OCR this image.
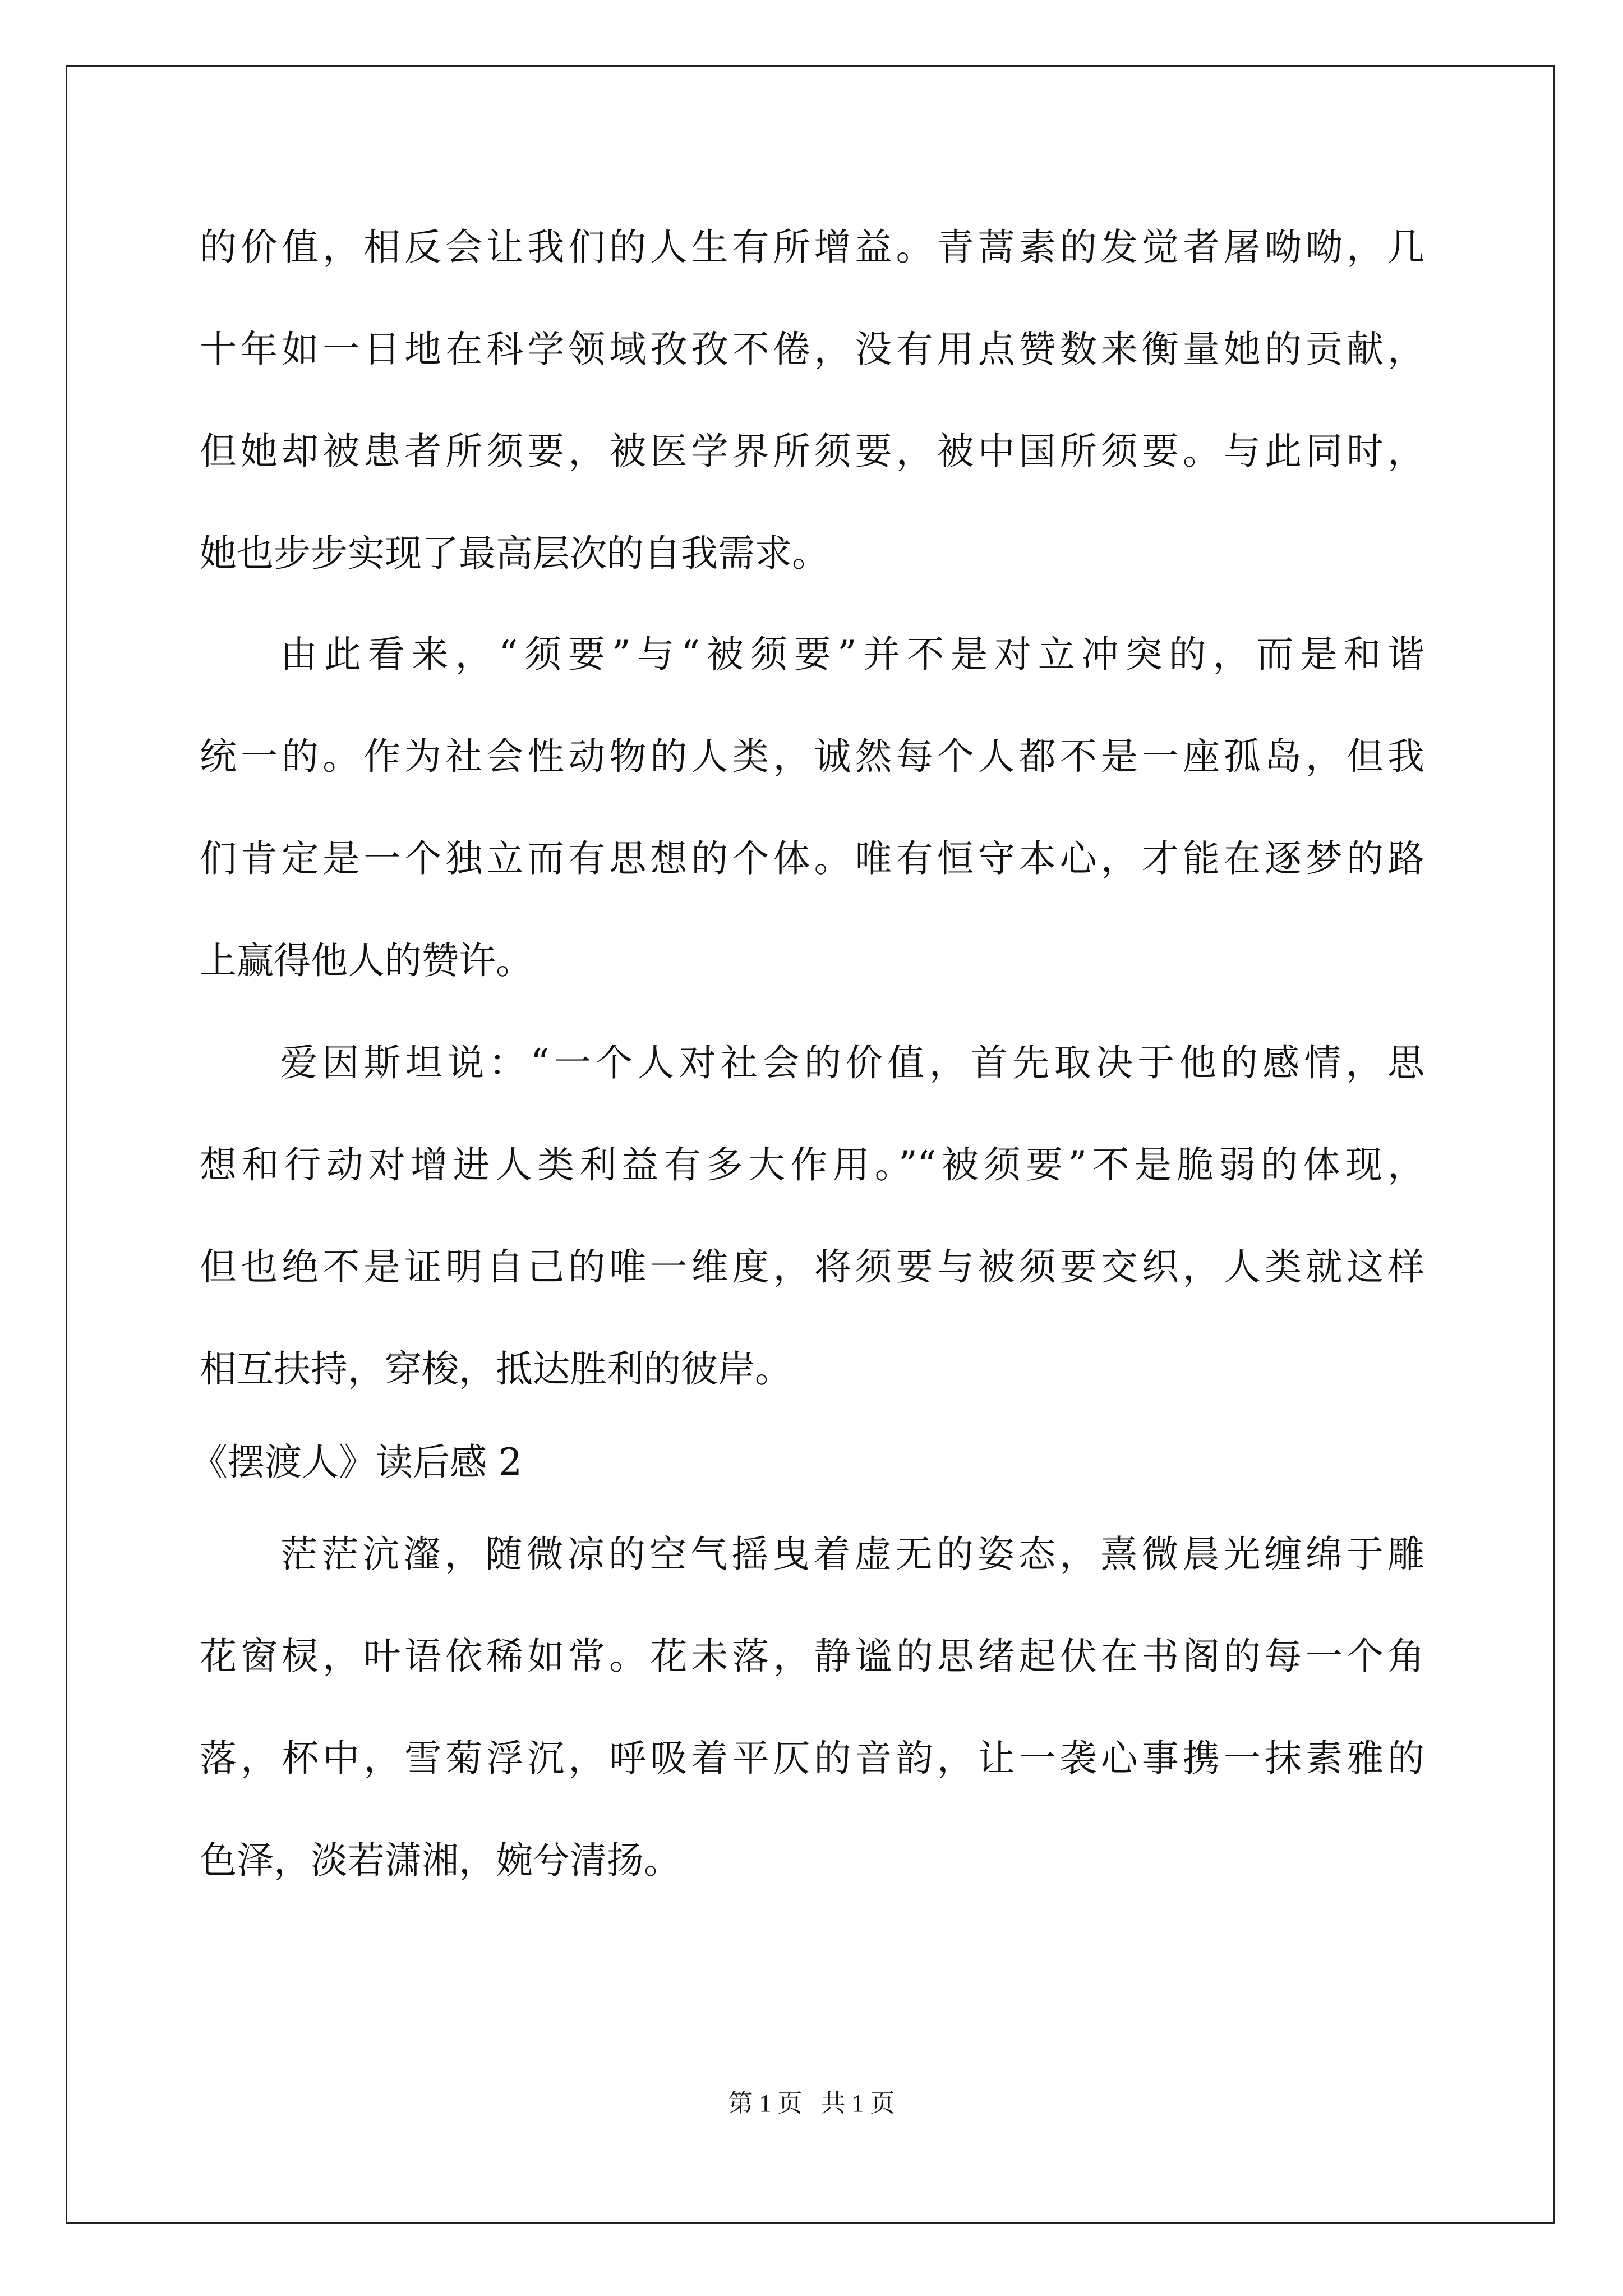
的价值，相反会让我们的人生有所增益。青蒿素的发觉者屠呦呦，几
十年如一日地在科学领域孜孜不倦，没有用点赞数来衡量她的贡献，
但她却被患者所须要，被医学界所须要，被中国所须要。与此同时，
她也步步实现了最高层次的自我需求。
由此看来，“须要”与“被须要”并不是对立冲突的，而是和谐
统一的。作为社会性动物的人类，诚然每个人都不是一座孤岛，但我
们肯定是一个独立而有思想的个体。唯有恒守本心，才能在逐梦的路
上赢得他人的赞许。
爱因斯坦说：“一个人对社会的价值，首先取决于他的感情，思
想和行动对增进人类利益有多大作用。”“被须要”不是脆弱的体现，
但也绝不是证明自己的唯一维度，将须要与被须要交织，人类就这样
相互扶持，穿梭，抵达胜利的彼岸。
《摆渡人》读后感 2
茫茫沆瀣，随微凉的空气摇曳着虚无的姿态，熹微晨光缠绵于雕
花窗棂，叶语依稀如常。花未落，静谧的思绪起伏在书阁的每一个角
落，杯中，雪菊浮沉，呼吸着平仄的音韵，让一袭心事携一抹素雅的
色泽，淡若潇湘，婉兮清扬。
第 1 页   共 1 页
